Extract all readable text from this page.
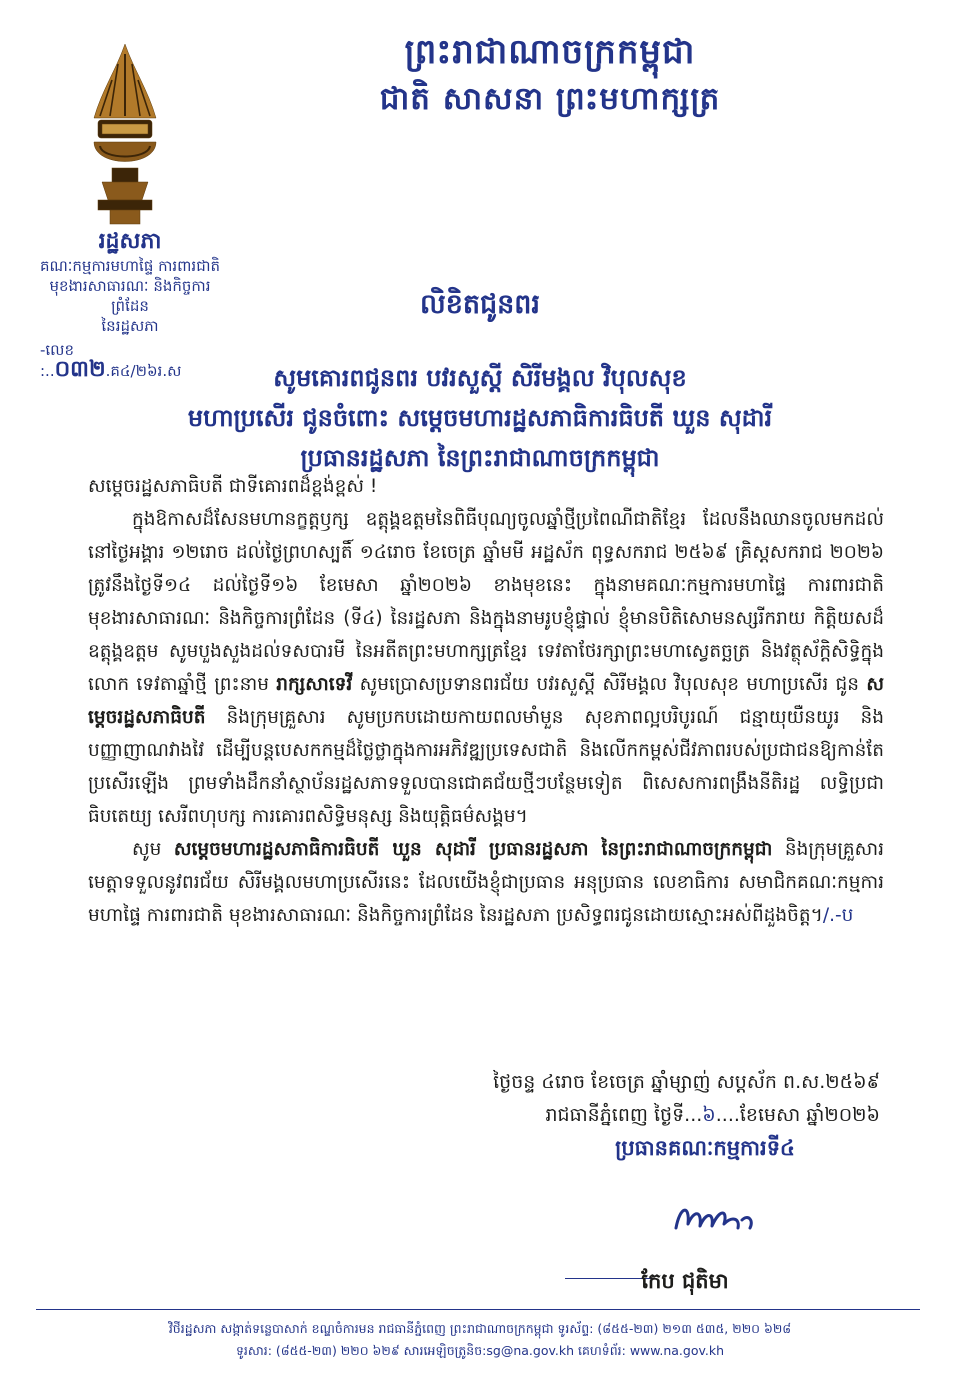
ព្រះរាជាណាចក្រកម្ពុជា
ជាតិ សាសនា ព្រះមហាក្សត្រ
រដ្ឋសភា
គណៈកម្មការមហាផ្ទៃ ការពារជាតិ
មុខងារសាធារណៈ និងកិច្ចការព្រំដែន
នៃរដ្ឋសភា
-លេខ :..០៣២.គ៤/២៦រ.ស
លិខិតជូនពរ
សូមគោរពជូនពរ បវរសួស្តី សិរីមង្គល វិបុលសុខ
មហាប្រសើរ ជូនចំពោះ សម្តេចមហារដ្ឋសភាធិការធិបតី ឃួន សុដារី
ប្រធានរដ្ឋសភា នៃព្រះរាជាណាចក្រកម្ពុជា
សម្តេចរដ្ឋសភាធិបតី ជាទីគោរពដ៏ខ្ពង់ខ្ពស់ !

ក្នុងឱកាសដ៏សែនមហានក្ខត្តឫក្ស ឧត្តុង្គឧត្តមនៃពិធីបុណ្យចូលឆ្នាំថ្មីប្រពៃណីជាតិខ្មែរ ដែលនឹងឈានចូលមកដល់នៅថ្ងៃអង្គារ ១២រោច ដល់ថ្ងៃព្រហស្បតិ៍ ១៤រោច ខែចេត្រ ឆ្នាំមមី អដ្ឋស័ក ពុទ្ធសករាជ ២៥៦៩ គ្រិស្តសករាជ ២០២៦ ត្រូវនឹងថ្ងៃទី១៤ ដល់ថ្ងៃទី១៦ ខែមេសា ឆ្នាំ២០២៦ ខាងមុខនេះ ក្នុងនាមគណៈកម្មការមហាផ្ទៃ ការពារជាតិ មុខងារសាធារណៈ និងកិច្ចការព្រំដែន (ទី៤) នៃរដ្ឋសភា និងក្នុងនាមរូបខ្ញុំផ្ទាល់ ខ្ញុំមានបិតិសោមនស្សរីករាយ កិត្តិយសដ៏ឧត្តុង្គឧត្តម សូមបួងសួងដល់ទសបារមី នៃអតីតព្រះមហាក្សត្រខ្មែរ ទេវតាថែរក្សាព្រះមហាស្វេតច្ឆត្រ និងវត្ថុស័ក្តិសិទ្ធិក្នុងលោក ទេវតាឆ្នាំថ្មី ព្រះនាម រាក្សសាទេវី សូមប្រោសប្រទានពរជ័យ បវរសួស្តី សិរីមង្គល វិបុលសុខ មហាប្រសើរ ជូន សម្តេចរដ្ឋសភាធិបតី និងក្រុមគ្រួសារ សូមប្រកបដោយកាយពលមាំមួន សុខភាពល្អបរិបូរណ៍ ជន្មាយុយឺនយូរ និងបញ្ញាញាណវាងវៃ ដើម្បីបន្តបេសកកម្មដ៏ថ្លៃថ្លាក្នុងការអភិវឌ្ឍប្រទេសជាតិ និងលើកកម្ពស់ជីវភាពរបស់ប្រជាជនឱ្យកាន់តែប្រសើរឡើង ព្រមទាំងដឹកនាំស្ថាប័នរដ្ឋសភាទទួលបានជោគជ័យថ្មីៗបន្ថែមទៀត ពិសេសការពង្រឹងនីតិរដ្ឋ លទ្ធិប្រជាធិបតេយ្យ សេរីពហុបក្ស ការគោរពសិទ្ធិមនុស្ស និងយុត្តិធម៌សង្គម។

សូម សម្តេចមហារដ្ឋសភាធិការធិបតី ឃួន សុដារី ប្រធានរដ្ឋសភា នៃព្រះរាជាណាចក្រកម្ពុជា និងក្រុមគ្រួសារ មេត្តាទទួលនូវពរជ័យ សិរីមង្គលមហាប្រសើរនេះ ដែលយើងខ្ញុំជាប្រធាន អនុប្រធាន លេខាធិការ សមាជិកគណៈកម្មការមហាផ្ទៃ ការពារជាតិ មុខងារសាធារណៈ និងកិច្ចការព្រំដែន នៃរដ្ឋសភា ប្រសិទ្ធពរជូនដោយស្មោះអស់ពីដួងចិត្ត។/.-ប

ថ្ងៃចន្ទ ៤រោច ខែចេត្រ ឆ្នាំម្សាញ់ សប្តស័ក ព.ស.២៥៦៩
រាជធានីភ្នំពេញ ថ្ងៃទី...៦....ខែមេសា ឆ្នាំ២០២៦
ប្រធានគណៈកម្មការទី៤
កែប ជុតិមា
វិថីរដ្ឋសភា សង្កាត់ទន្លេបាសាក់ ខណ្ឌចំការមន រាជធានីភ្នំពេញ ព្រះរាជាណាចក្រកម្ពុជា ទូរស័ព្ទ: (៨៥៥-២៣) ២១៣ ៥៣៥, ២២០ ៦២៨
ទូរសារ: (៨៥៥-២៣) ២២០ ៦២៩ សារអេឡិចត្រូនិច:sg@na.gov.kh គេហទំព័រ: www.na.gov.kh
